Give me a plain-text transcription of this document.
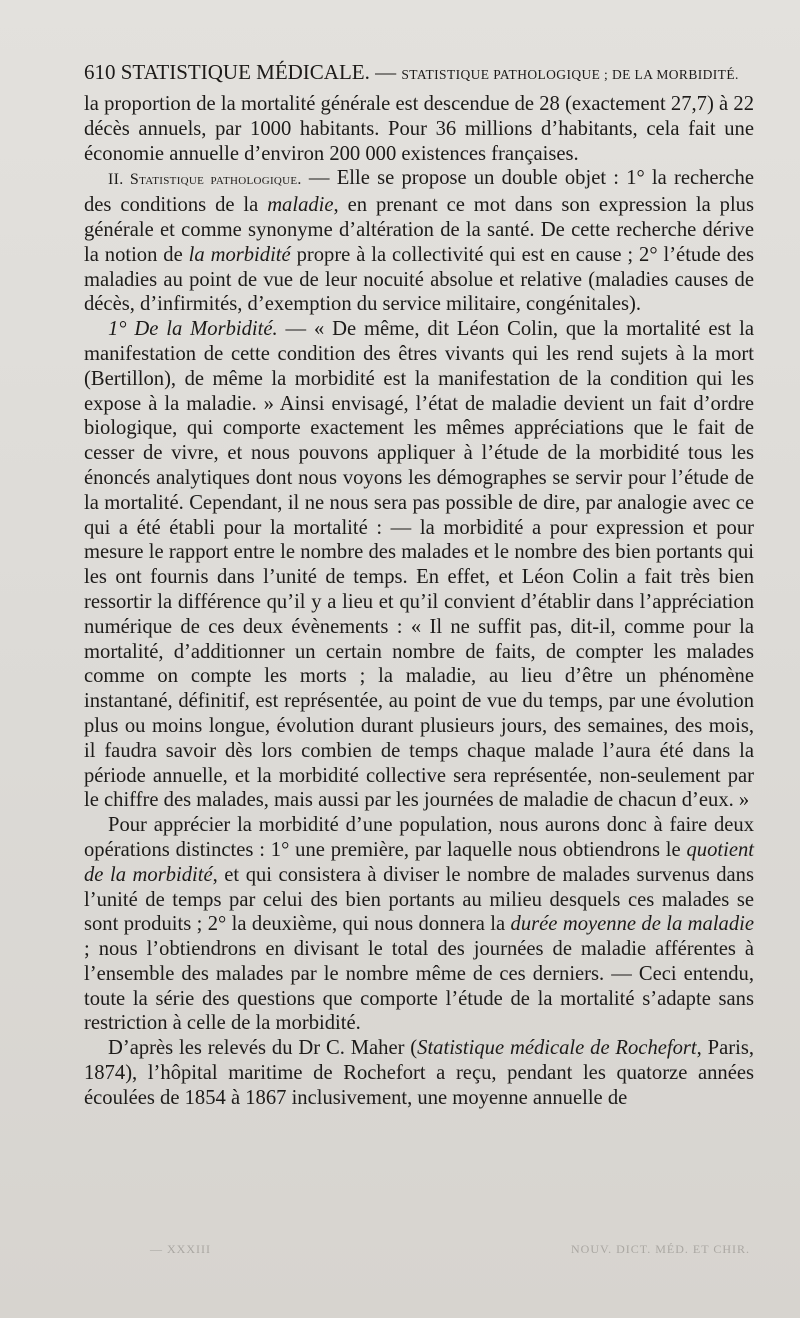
610 STATISTIQUE MÉDICALE. — STATISTIQUE PATHOLOGIQUE ; DE LA MORBIDITÉ.

la proportion de la mortalité générale est descendue de 28 (exactement 27,7) à 22 décès annuels, par 1000 habitants. Pour 36 millions d’habitants, cela fait une économie annuelle d’environ 200 000 existences françaises.

II. Statistique pathologique. — Elle se propose un double objet : 1° la recherche des conditions de la maladie, en prenant ce mot dans son expression la plus générale et comme synonyme d’altération de la santé. De cette recherche dérive la notion de la morbidité propre à la collectivité qui est en cause ; 2° l’étude des maladies au point de vue de leur nocuité absolue et relative (maladies causes de décès, d’infirmités, d’exemption du service militaire, congénitales).

1° De la Morbidité. — « De même, dit Léon Colin, que la mortalité est la manifestation de cette condition des êtres vivants qui les rend sujets à la mort (Bertillon), de même la morbidité est la manifestation de la condition qui les expose à la maladie. » Ainsi envisagé, l’état de maladie devient un fait d’ordre biologique, qui comporte exactement les mêmes appréciations que le fait de cesser de vivre, et nous pouvons appliquer à l’étude de la morbidité tous les énoncés analytiques dont nous voyons les démographes se servir pour l’étude de la mortalité. Cependant, il ne nous sera pas possible de dire, par analogie avec ce qui a été établi pour la mortalité : — la morbidité a pour expression et pour mesure le rapport entre le nombre des malades et le nombre des bien portants qui les ont fournis dans l’unité de temps. En effet, et Léon Colin a fait très bien ressortir la différence qu’il y a lieu et qu’il convient d’établir dans l’appréciation numérique de ces deux évènements : « Il ne suffit pas, dit-il, comme pour la mortalité, d’additionner un certain nombre de faits, de compter les malades comme on compte les morts ; la maladie, au lieu d’être un phénomène instantané, définitif, est représentée, au point de vue du temps, par une évolution plus ou moins longue, évolution durant plusieurs jours, des semaines, des mois, il faudra savoir dès lors combien de temps chaque malade l’aura été dans la période annuelle, et la morbidité collective sera représentée, non-seulement par le chiffre des malades, mais aussi par les journées de maladie de chacun d’eux. »

Pour apprécier la morbidité d’une population, nous aurons donc à faire deux opérations distinctes : 1° une première, par laquelle nous obtiendrons le quotient de la morbidité, et qui consistera à diviser le nombre de malades survenus dans l’unité de temps par celui des bien portants au milieu desquels ces malades se sont produits ; 2° la deuxième, qui nous donnera la durée moyenne de la maladie ; nous l’obtiendrons en divisant le total des journées de maladie afférentes à l’ensemble des malades par le nombre même de ces derniers. — Ceci entendu, toute la série des questions que comporte l’étude de la mortalité s’adapte sans restriction à celle de la morbidité.

D’après les relevés du Dr C. Maher (Statistique médicale de Rochefort, Paris, 1874), l’hôpital maritime de Rochefort a reçu, pendant les quatorze années écoulées de 1854 à 1867 inclusivement, une moyenne annuelle de

— XXXIII	NOUV. DICT. MÉD. ET CHIR.
